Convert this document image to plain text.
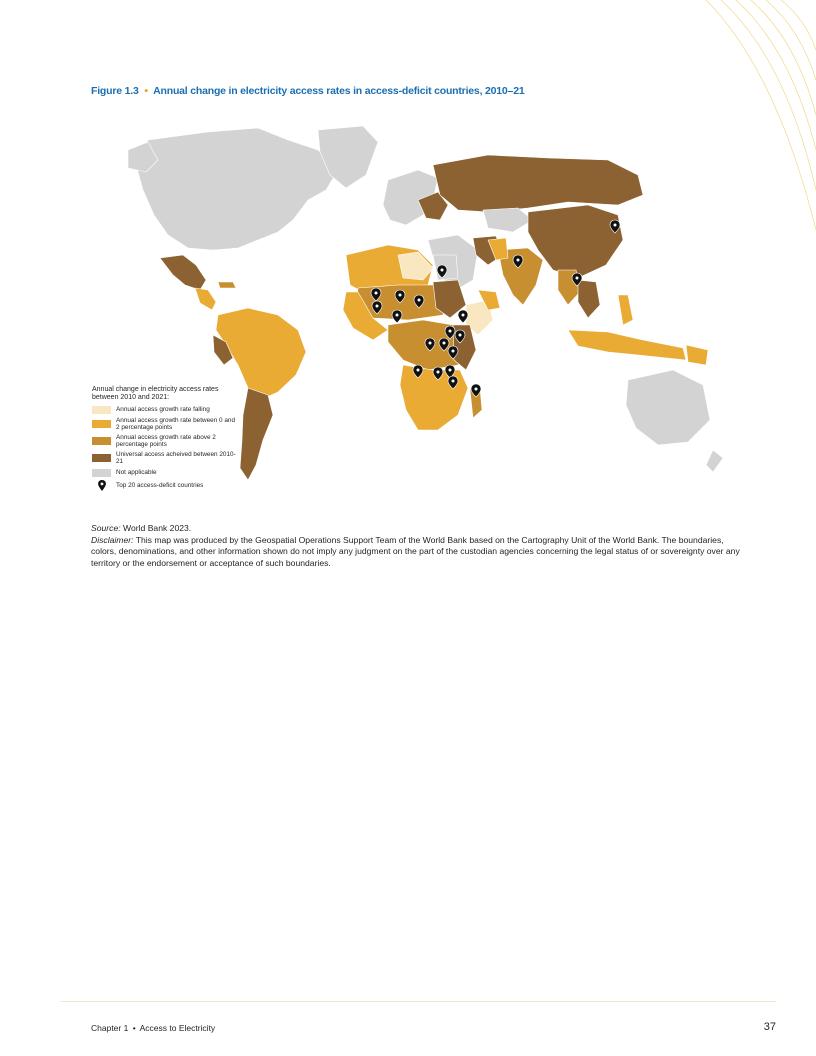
Figure 1.3 • Annual change in electricity access rates in access-deficit countries, 2010–21
Annual change in electricity access rates between 2010 and 2021:
Annual access growth rate falling
Annual access growth rate between 0 and 2 percentage points
Annual access growth rate above 2 percentage points
Universal access acheived between 2010-21
Not applicable
Top 20 access-deficit countries

Source: World Bank 2023.

Disclaimer: This map was produced by the Geospatial Operations Support Team of the World Bank based on the Cartography Unit of the World Bank. The boundaries, colors, denominations, and other information shown do not imply any judgment on the part of the custodian agencies concerning the legal status of or sovereignty over any territory or the endorsement or acceptance of such boundaries.

Chapter 1 • Access to Electricity	37
